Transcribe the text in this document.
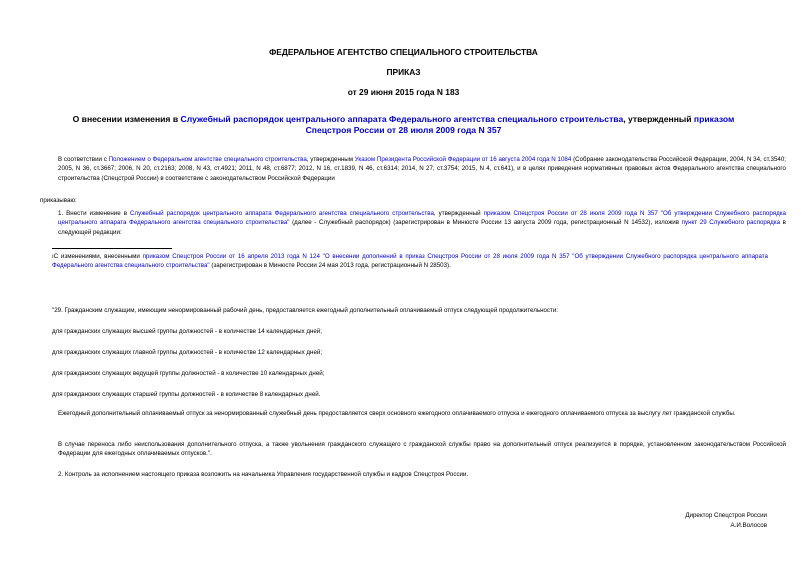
ФЕДЕРАЛЬНОЕ АГЕНТСТВО СПЕЦИАЛЬНОГО СТРОИТЕЛЬСТВА
ПРИКАЗ
от 29 июня 2015 года N 183
О внесении изменения в Служебный распорядок центрального аппарата Федерального агентства специального строительства, утвержденный приказом Спецстроя России от 28 июля 2009 года N 357
В соответствии с Положением о Федеральном агентстве специального строительства, утвержденным Указом Президента Российской Федерации от 16 августа 2004 года N 1084 (Собрание законодательства Российской Федерации, 2004, N 34, ст.3540; 2005, N 36, ст.3667; 2006, N 20, ст.2163; 2008, N 43, ст.4921; 2011, N 48, ст.6877; 2012, N 16, ст.1839, N 46, ст.6314; 2014, N 27, ст.3754; 2015, N 4, ст.641), и в целях приведения нормативных правовых актов Федерального агентства специального строительства (Спецстрой России) в соответствие с законодательством Российской Федерации
приказываю:
1. Внести изменение в Служебный распорядок центрального аппарата Федерального агентства специального строительства, утвержденный приказом Спецстроя России от 28 июля 2009 года N 357 "Об утверждении Служебного распорядка центрального аппарата Федерального агентства специального строительства" (далее - Служебный распорядок) (зарегистрирован в Минюсте России 13 августа 2009 года, регистрационный N 14532), изложив пункт 29 Служебного распорядка в следующей редакции:
ıС изменениями, внесенными приказом Спецстроя России от 16 апреля 2013 года N 124 "О внесении дополнений в приказ Спецстроя России от 28 июля 2009 года N 357 "Об утверждении Служебного распорядка центрального аппарата Федерального агентства специального строительства" (зарегистрирован в Минюсте России 24 мая 2013 года, регистрационный N 28503).
"29. Гражданским служащим, имеющим ненормированный рабочий день, предоставляется ежегодный дополнительный оплачиваемый отпуск следующей продолжительности:
для гражданских служащих высшей группы должностей - в количестве 14 календарных дней;
для гражданских служащих главной группы должностей - в количестве 12 календарных дней;
для гражданских служащих ведущей группы должностей - в количестве 10 календарных дней;
для гражданских служащих старшей группы должностей - в количестве 8 календарных дней.
Ежегодный дополнительный оплачиваемый отпуск за ненормированный служебный день предоставляется сверх основного ежегодного оплачиваемого отпуска и ежегодного оплачиваемого отпуска за выслугу лет гражданской службы.
В случае переноса либо неиспользования дополнительного отпуска, а также увольнения гражданского служащего с гражданской службы право на дополнительный отпуск реализуется в порядке, установленном законодательством Российской Федерации для ежегодных оплачиваемых отпусков.".
2. Контроль за исполнением настоящего приказа возложить на начальника Управления государственной службы и кадров Спецстроя России.
Директор Спецстроя России
А.И.Волосов
